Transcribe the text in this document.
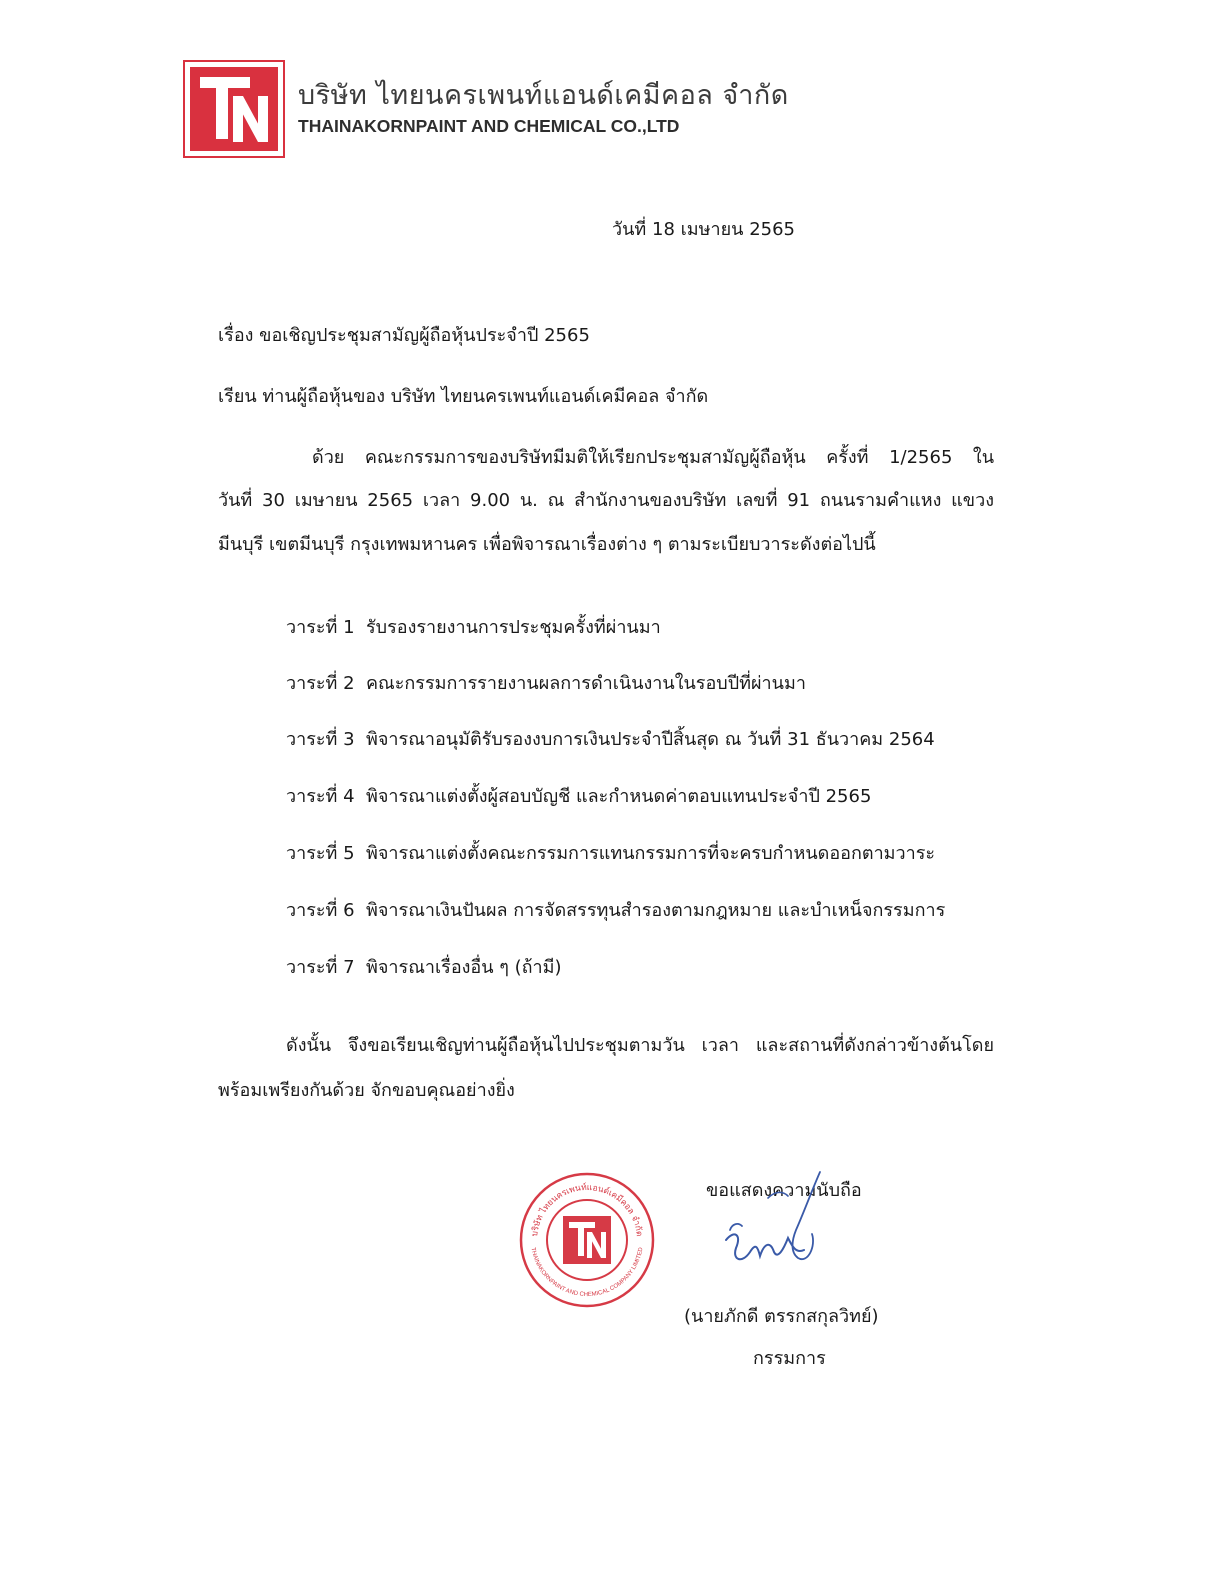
บริษัท ไทยนครเพนท์แอนด์เคมีคอล จำกัด
THAINAKORNPAINT AND CHEMICAL CO.,LTD
วันที่ 18 เมษายน 2565
เรื่อง ขอเชิญประชุมสามัญผู้ถือหุ้นประจำปี 2565
เรียน ท่านผู้ถือหุ้นของ บริษัท ไทยนครเพนท์แอนด์เคมีคอล จำกัด
ด้วย คณะกรรมการของบริษัทมีมติให้เรียกประชุมสามัญผู้ถือหุ้น ครั้งที่ 1/2565 ใน
วันที่ 30 เมษายน 2565 เวลา 9.00 น. ณ สำนักงานของบริษัท เลขที่ 91 ถนนรามคำแหง แขวง
มีนบุรี เขตมีนบุรี กรุงเทพมหานคร เพื่อพิจารณาเรื่องต่าง ๆ ตามระเบียบวาระดังต่อไปนี้
วาระที่ 1 รับรองรายงานการประชุมครั้งที่ผ่านมา
วาระที่ 2 คณะกรรมการรายงานผลการดำเนินงานในรอบปีที่ผ่านมา
วาระที่ 3 พิจารณาอนุมัติรับรองงบการเงินประจำปีสิ้นสุด ณ วันที่ 31 ธันวาคม 2564
วาระที่ 4 พิจารณาแต่งตั้งผู้สอบบัญชี และกำหนดค่าตอบแทนประจำปี 2565
วาระที่ 5 พิจารณาแต่งตั้งคณะกรรมการแทนกรรมการที่จะครบกำหนดออกตามวาระ
วาระที่ 6 พิจารณาเงินปันผล การจัดสรรทุนสำรองตามกฎหมาย และบำเหน็จกรรมการ
วาระที่ 7 พิจารณาเรื่องอื่น ๆ (ถ้ามี)
ดังนั้น จึงขอเรียนเชิญท่านผู้ถือหุ้นไปประชุมตามวัน เวลา และสถานที่ดังกล่าวข้างต้นโดย
พร้อมเพรียงกันด้วย จักขอบคุณอย่างยิ่ง
บริษัท ไทยนครเพนท์แอนด์เคมีคอล จำกัด
THAINAKORNPAINT AND CHEMICAL COMPANY LIMITED
ขอแสดงความนับถือ
(นายภักดี ตรรกสกุลวิทย์)
กรรมการ
